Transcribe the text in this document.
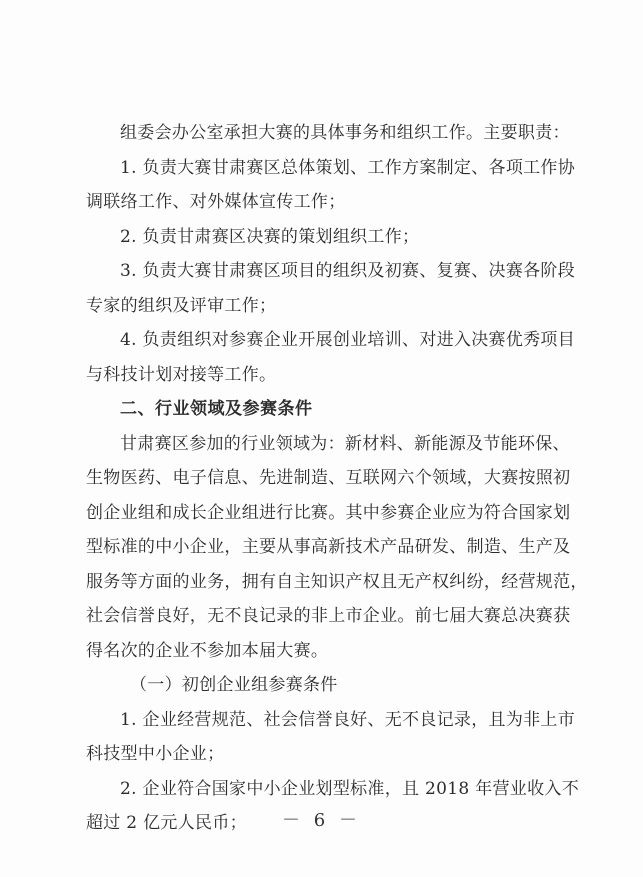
组委会办公室承担大赛的具体事务和组织工作。主要职责：
1. 负责大赛甘肃赛区总体策划、工作方案制定、各项工作协
调联络工作、对外媒体宣传工作；
2. 负责甘肃赛区决赛的策划组织工作；
3. 负责大赛甘肃赛区项目的组织及初赛、复赛、决赛各阶段
专家的组织及评审工作；
4. 负责组织对参赛企业开展创业培训、对进入决赛优秀项目
与科技计划对接等工作。
二、行业领域及参赛条件
甘肃赛区参加的行业领域为：新材料、新能源及节能环保、
生物医药、电子信息、先进制造、互联网六个领域，大赛按照初
创企业组和成长企业组进行比赛。其中参赛企业应为符合国家划
型标准的中小企业，主要从事高新技术产品研发、制造、生产及
服务等方面的业务，拥有自主知识产权且无产权纠纷，经营规范，
社会信誉良好，无不良记录的非上市企业。前七届大赛总决赛获
得名次的企业不参加本届大赛。
（一）初创企业组参赛条件
1. 企业经营规范、社会信誉良好、无不良记录，且为非上市
科技型中小企业；
2. 企业符合国家中小企业划型标准，且 2018 年营业收入不
超过 2 亿元人民币；	－ 6 －
